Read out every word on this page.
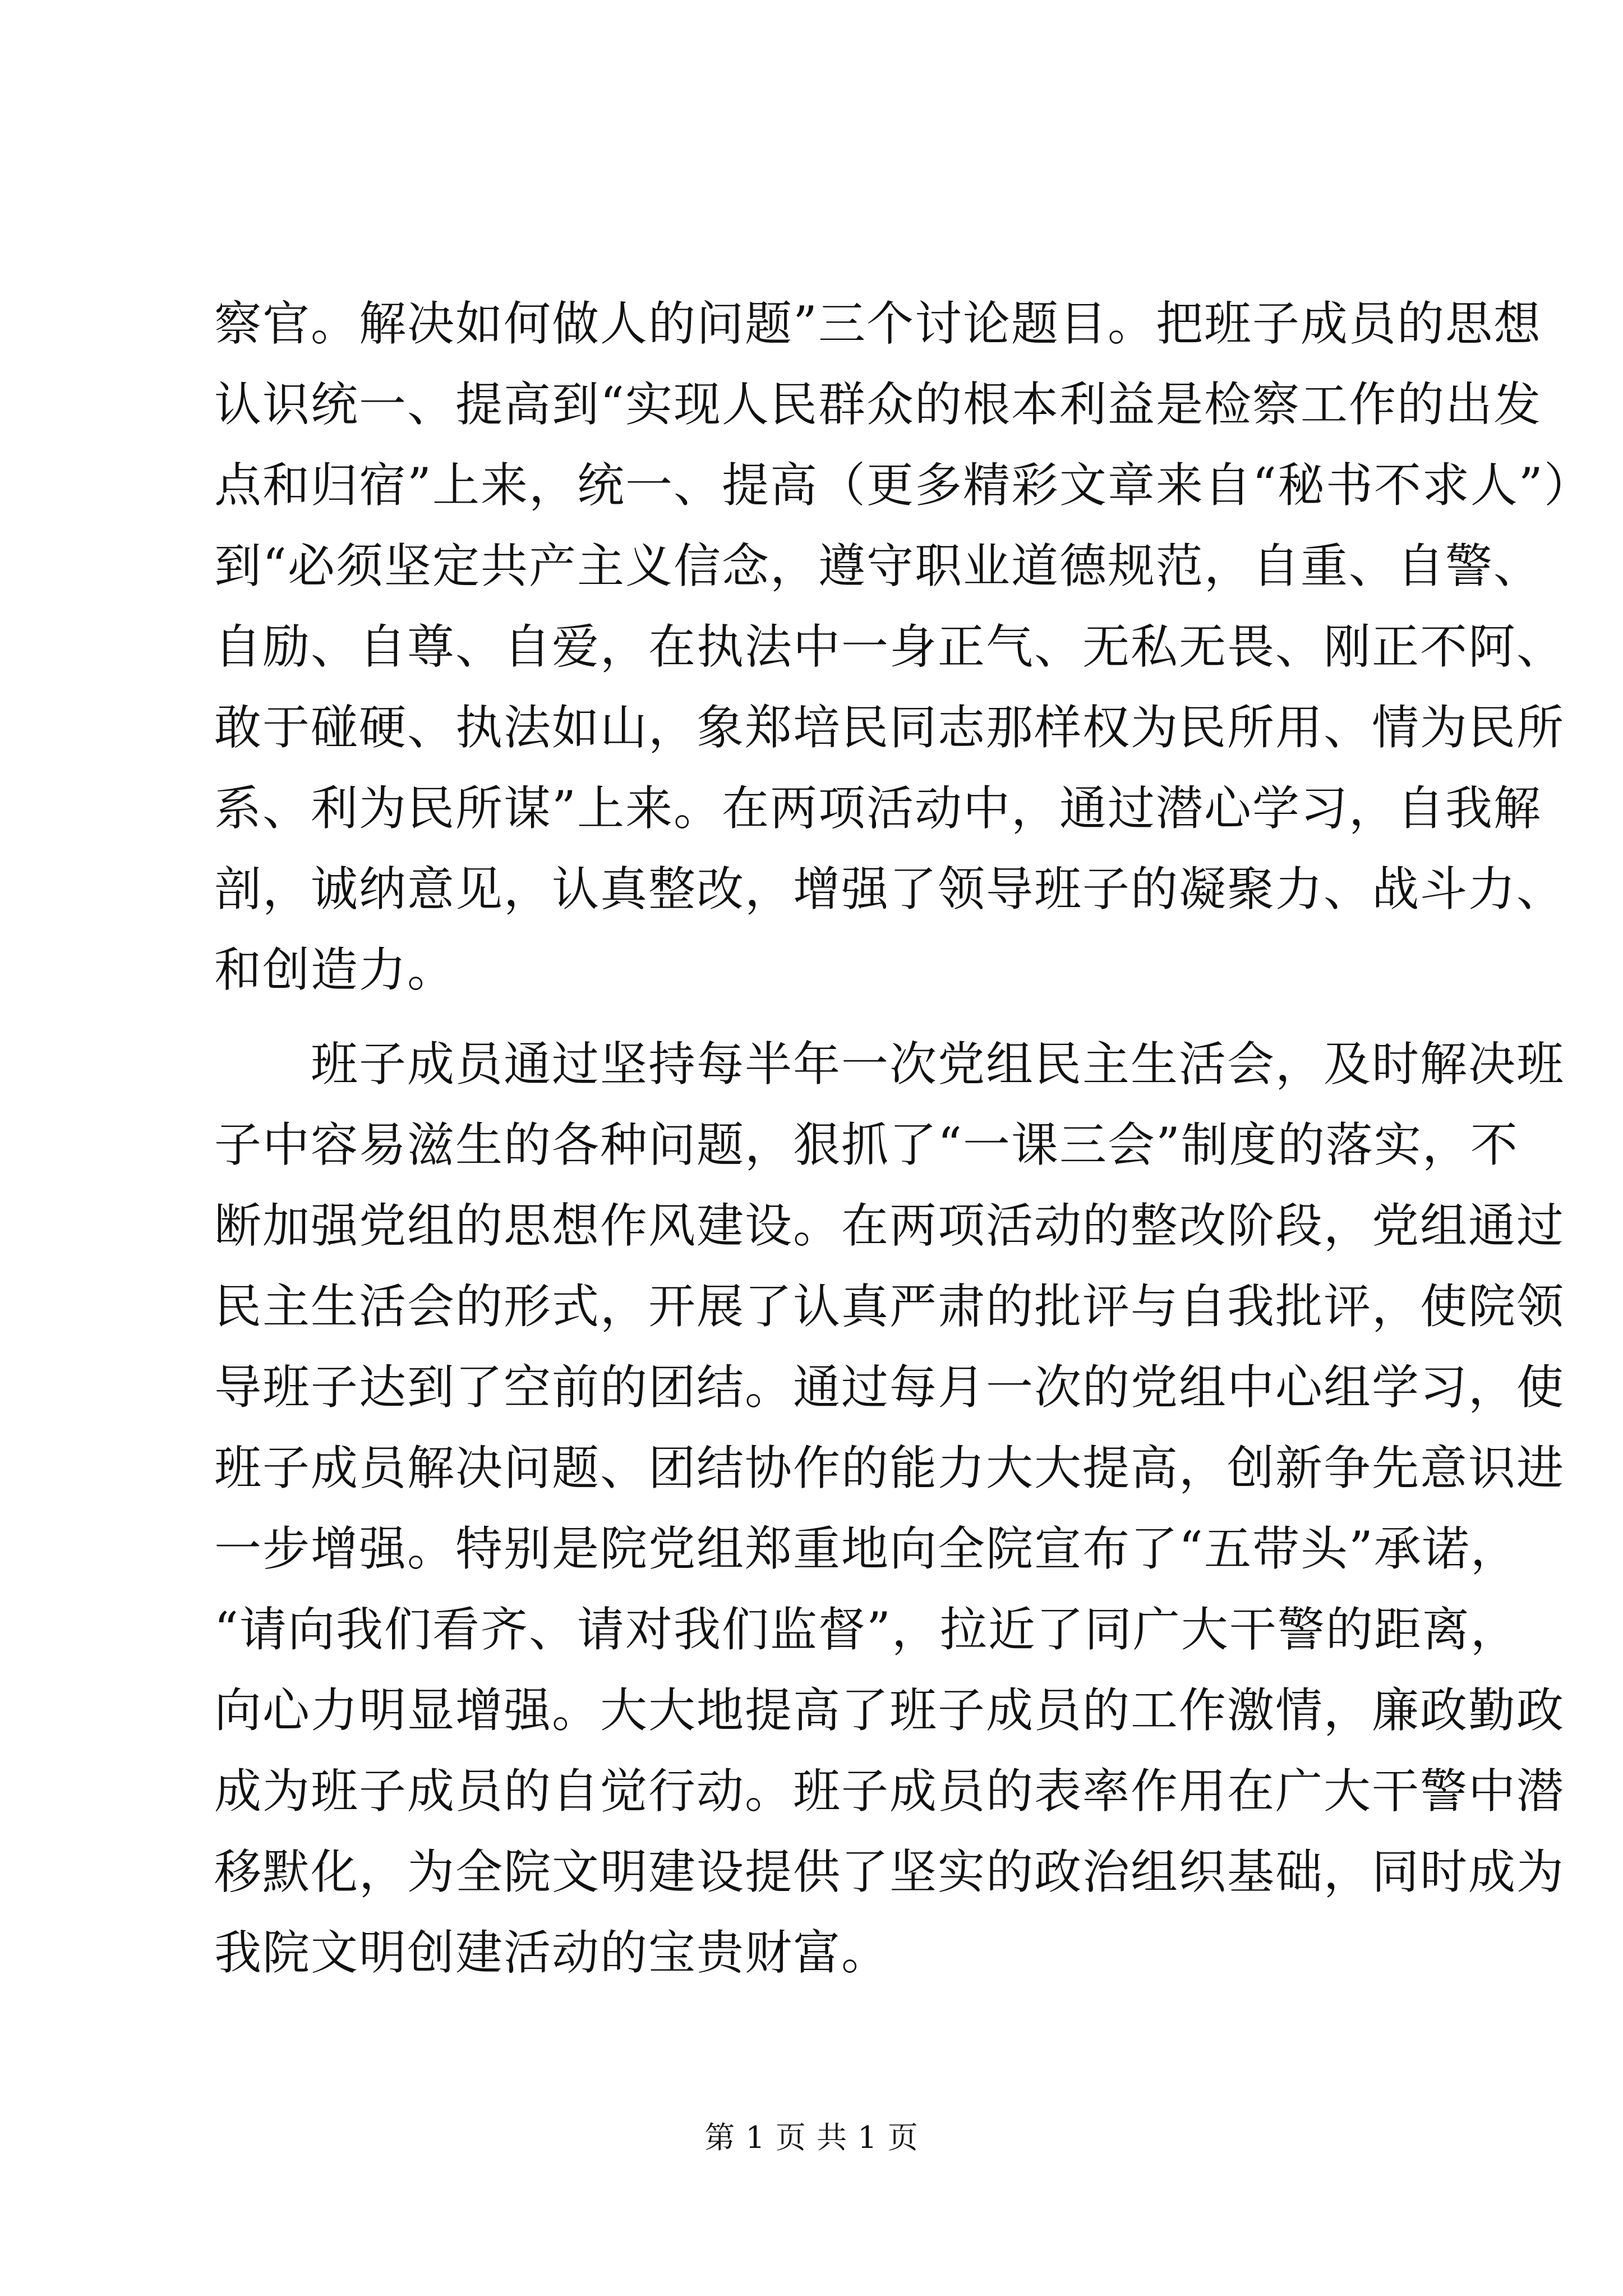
察官。解决如何做人的问题”三个讨论题目。把班子成员的思想
认识统一、提高到“实现人民群众的根本利益是检察工作的出发
点和归宿”上来，统一、提高（更多精彩文章来自“秘书不求人”）
到“必须坚定共产主义信念，遵守职业道德规范，自重、自警、
自励、自尊、自爱，在执法中一身正气、无私无畏、刚正不阿、
敢于碰硬、执法如山，象郑培民同志那样权为民所用、情为民所
系、利为民所谋”上来。在两项活动中，通过潜心学习，自我解
剖，诚纳意见，认真整改，增强了领导班子的凝聚力、战斗力、
和创造力。
班子成员通过坚持每半年一次党组民主生活会，及时解决班
子中容易滋生的各种问题，狠抓了“一课三会”制度的落实，不
断加强党组的思想作风建设。在两项活动的整改阶段，党组通过
民主生活会的形式，开展了认真严肃的批评与自我批评，使院领
导班子达到了空前的团结。通过每月一次的党组中心组学习，使
班子成员解决问题、团结协作的能力大大提高，创新争先意识进
一步增强。特别是院党组郑重地向全院宣布了“五带头”承诺，
“请向我们看齐、请对我们监督”，拉近了同广大干警的距离，
向心力明显增强。大大地提高了班子成员的工作激情，廉政勤政
成为班子成员的自觉行动。班子成员的表率作用在广大干警中潜
移默化，为全院文明建设提供了坚实的政治组织基础，同时成为
我院文明创建活动的宝贵财富。
第 1 页 共 1 页
